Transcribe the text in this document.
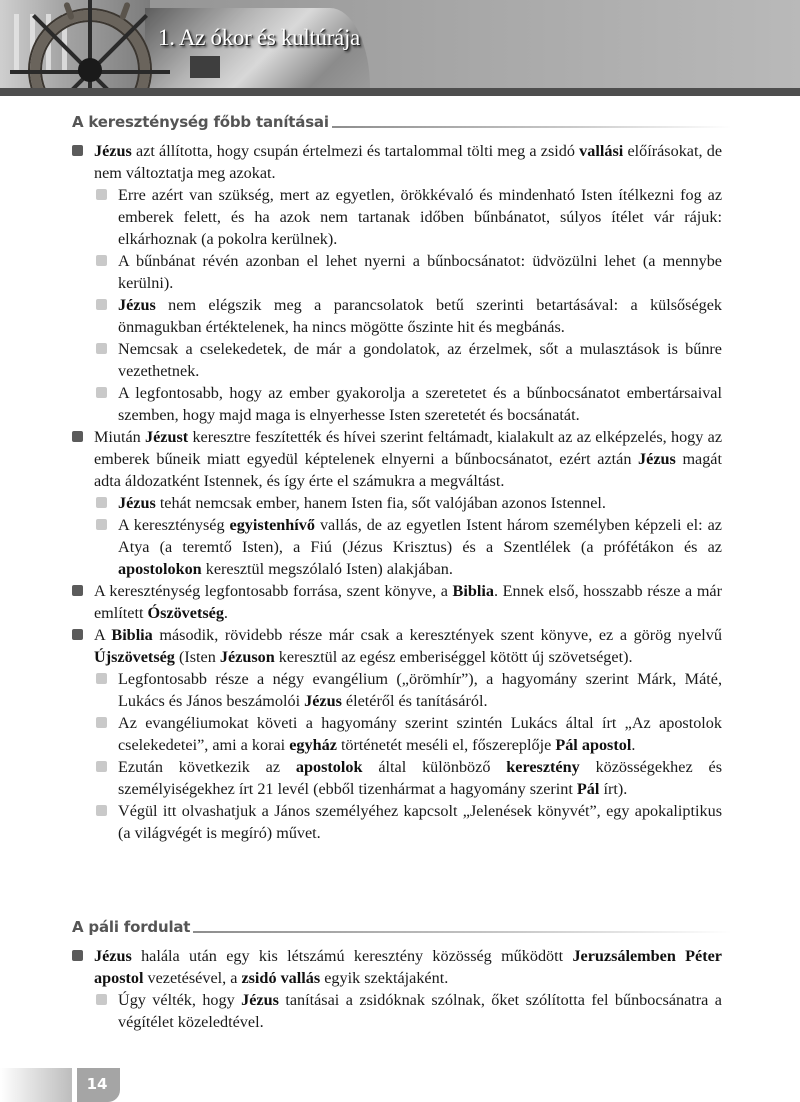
1. Az ókor és kultúrája
A kereszténység főbb tanításai
Jézus azt állította, hogy csupán értelmezi és tartalommal tölti meg a zsidó vallási előírásokat, de nem változtatja meg azokat.
Erre azért van szükség, mert az egyetlen, örökkévaló és mindenható Isten ítélkezni fog az emberek felett, és ha azok nem tartanak időben bűnbánatot, súlyos ítélet vár rájuk: elkárhoznak (a pokolra kerülnek).
A bűnbánat révén azonban el lehet nyerni a bűnbocsánatot: üdvözülni lehet (a mennybe kerülni).
Jézus nem elégszik meg a parancsolatok betű szerinti betartásával: a külsőségek önmagukban értéktelenek, ha nincs mögötte őszinte hit és megbánás.
Nemcsak a cselekedetek, de már a gondolatok, az érzelmek, sőt a mulasztások is bűnre vezethetnek.
A legfontosabb, hogy az ember gyakorolja a szeretetet és a bűnbocsánatot embertársaival szemben, hogy majd maga is elnyerhesse Isten szeretetét és bocsánatát.
Miután Jézust keresztre feszítették és hívei szerint feltámadt, kialakult az az elképzelés, hogy az emberek bűneik miatt egyedül képtelenek elnyerni a bűnbocsánatot, ezért aztán Jézus magát adta áldozatként Istennek, és így érte el számukra a megváltást.
Jézus tehát nemcsak ember, hanem Isten fia, sőt valójában azonos Istennel.
A kereszténység egyistenhívő vallás, de az egyetlen Istent három személyben képzeli el: az Atya (a teremtő Isten), a Fiú (Jézus Krisztus) és a Szentlélek (a prófétákon és az apostolokon keresztül megszólaló Isten) alakjában.
A kereszténység legfontosabb forrása, szent könyve, a Biblia. Ennek első, hosszabb része a már említett Ószövetség.
A Biblia második, rövidebb része már csak a keresztények szent könyve, ez a görög nyelvű Újszövetség (Isten Jézuson keresztül az egész emberiséggel kötött új szövetséget).
Legfontosabb része a négy evangélium („örömhír”), a hagyomány szerint Márk, Máté, Lukács és János beszámolói Jézus életéről és tanításáról.
Az evangéliumokat követi a hagyomány szerint szintén Lukács által írt „Az apostolok cselekedetei”, ami a korai egyház történetét meséli el, főszereplője Pál apostol.
Ezután következik az apostolok által különböző keresztény közösségekhez és személyiségekhez írt 21 levél (ebből tizenhármat a hagyomány szerint Pál írt).
Végül itt olvashatjuk a János személyéhez kapcsolt „Jelenések könyvét”, egy apokaliptikus (a világvégét is megíró) művet.
A páli fordulat
Jézus halála után egy kis létszámú keresztény közösség működött Jeruzsálemben Péter apostol vezetésével, a zsidó vallás egyik szektájaként.
Úgy vélték, hogy Jézus tanításai a zsidóknak szólnak, őket szólította fel bűnbocsánatra a végítélet közeledtével.
14
